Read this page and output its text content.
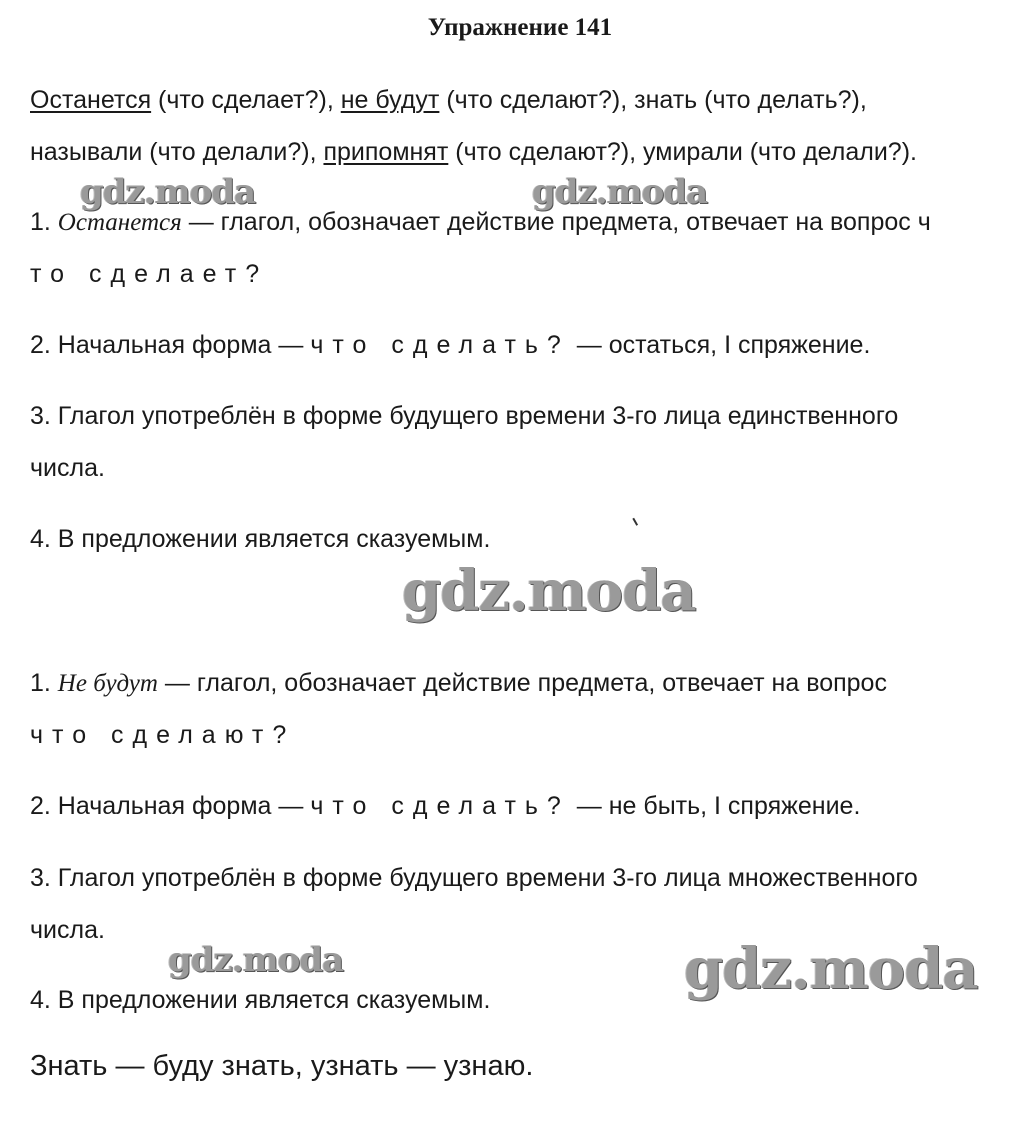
Упражнение 141
Останется (что сделает?), не будут (что сделают?), знать (что делать?),
называли (что делали?), припомнят (что сделают?), умирали (что делали?).
1. Останется — глагол, обозначает действие предмета, отвечает на вопрос ч
то сделает?
2. Начальная форма — что сделать? — остаться, I спряжение.
3. Глагол употреблён в форме будущего времени 3-го лица единственного
числа.
4. В предложении является сказуемым.
1. Не будут — глагол, обозначает действие предмета, отвечает на вопрос
что сделают?
2. Начальная форма — что сделать? — не быть, I спряжение.
3. Глагол употреблён в форме будущего времени 3-го лица множественного
числа.
4. В предложении является сказуемым.
Знать — буду знать, узнать — узнаю.
gdz.moda	gdz.moda
gdz.moda
gdz.moda	gdz.moda
